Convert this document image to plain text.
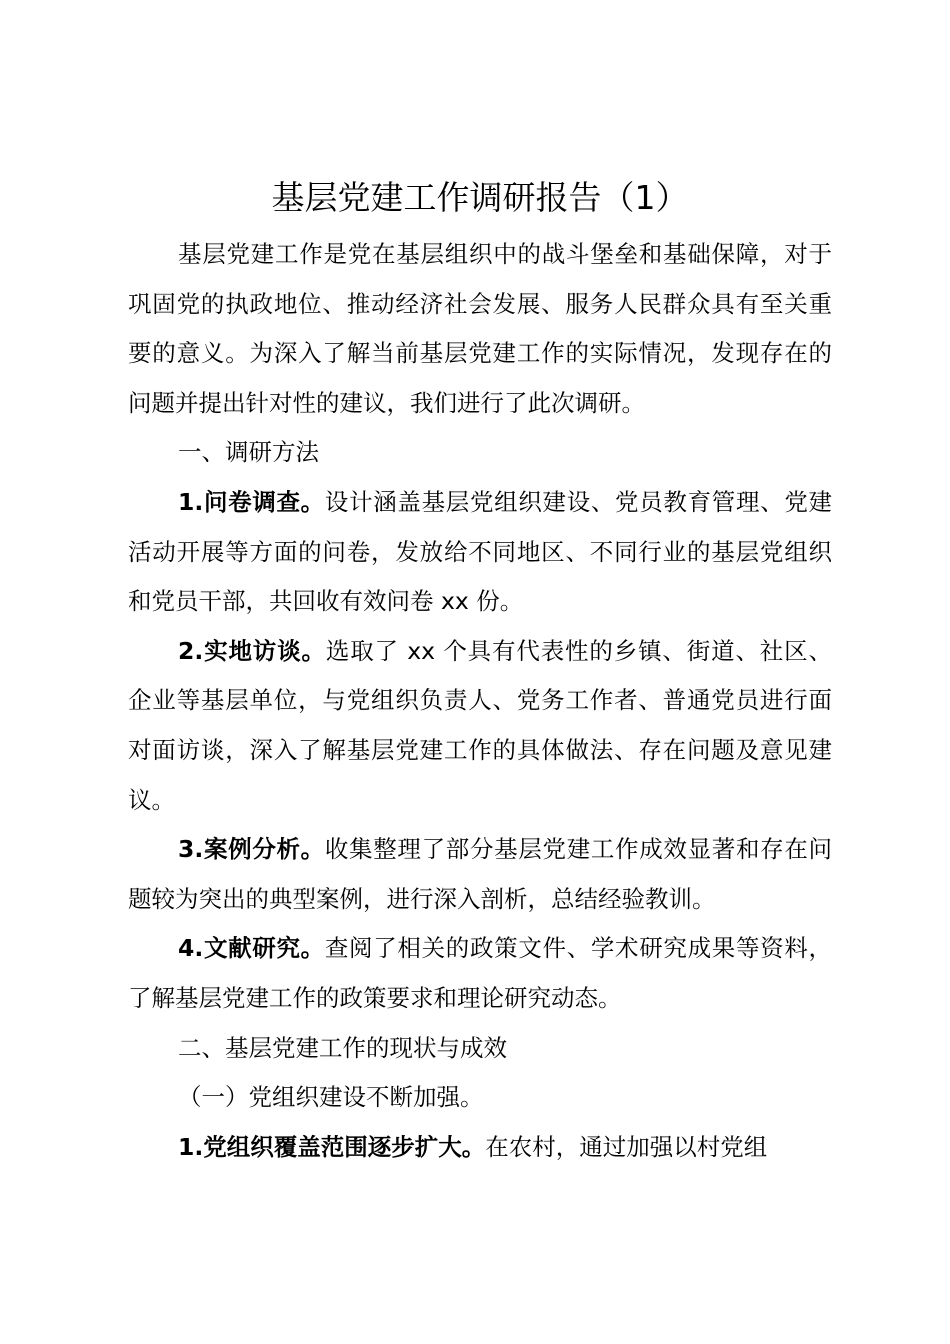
基层党建工作调研报告（1）

基层党建工作是党在基层组织中的战斗堡垒和基础保障，对于巩固党的执政地位、推动经济社会发展、服务人民群众具有至关重要的意义。为深入了解当前基层党建工作的实际情况，发现存在的问题并提出针对性的建议，我们进行了此次调研。

一、调研方法

1.问卷调查。设计涵盖基层党组织建设、党员教育管理、党建活动开展等方面的问卷，发放给不同地区、不同行业的基层党组织和党员干部，共回收有效问卷 xx 份。

2.实地访谈。选取了 xx 个具有代表性的乡镇、街道、社区、企业等基层单位，与党组织负责人、党务工作者、普通党员进行面对面访谈，深入了解基层党建工作的具体做法、存在问题及意见建议。

3.案例分析。收集整理了部分基层党建工作成效显著和存在问题较为突出的典型案例，进行深入剖析，总结经验教训。

4.文献研究。查阅了相关的政策文件、学术研究成果等资料，了解基层党建工作的政策要求和理论研究动态。

二、基层党建工作的现状与成效

（一）党组织建设不断加强。

1.党组织覆盖范围逐步扩大。在农村，通过加强以村党组
